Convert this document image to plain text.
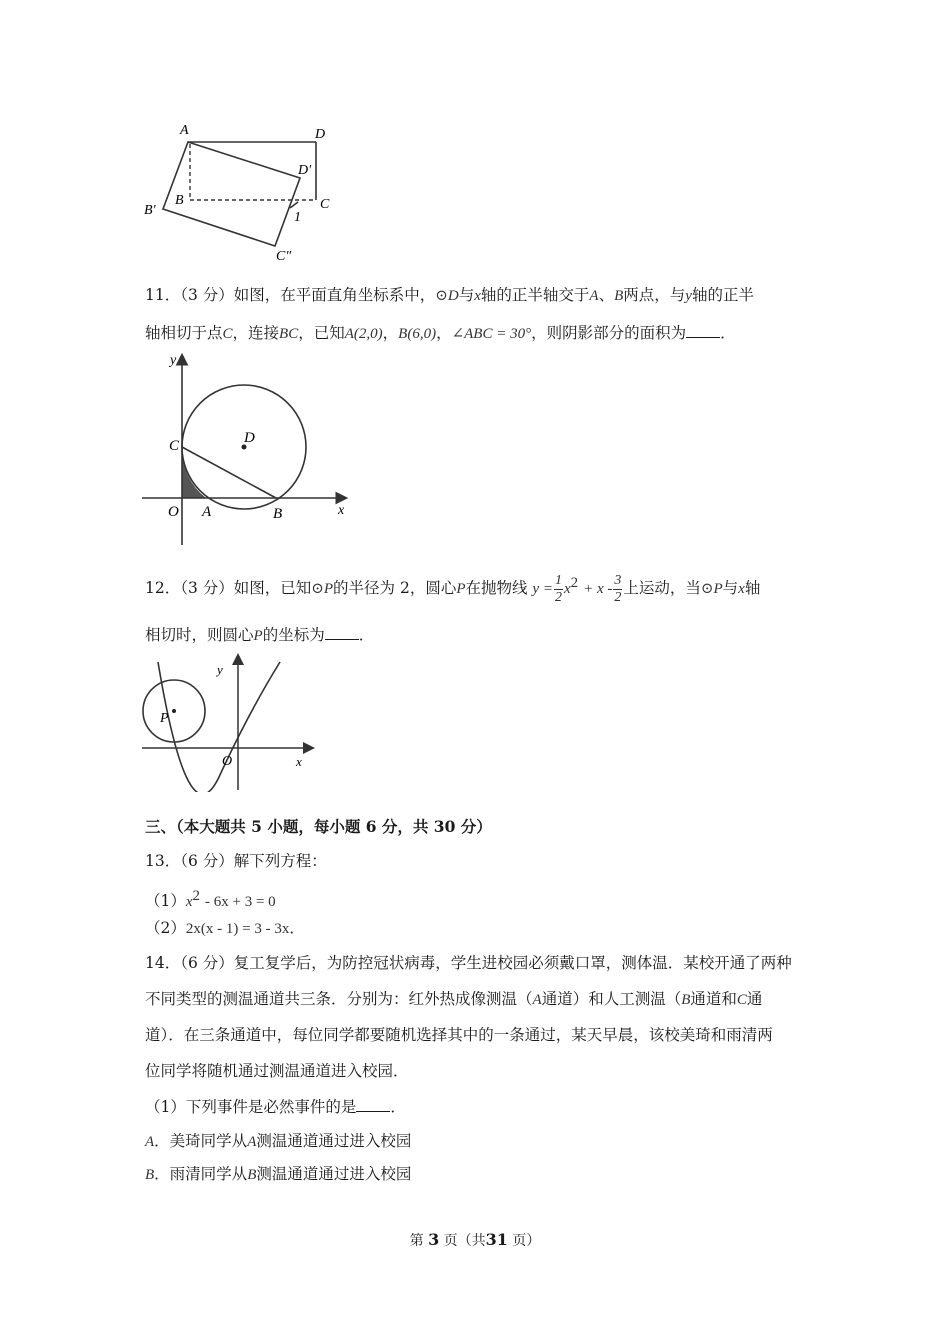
A	D
D′
B
B′	C
1
C″
11．（3 分）如图，在平面直角坐标系中，⊙D与x轴的正半轴交于A、B两点，与y轴的正半
轴相切于点C，连接BC，已知A(2,0)，B(6,0)，∠ABC = 30°，则阴影部分的面积为 ．
y
x
C	D
O A	B
12．（3 分）如图，已知⊙P的半径为 2，圆心P在抛物线 $y = \frac{1}{2} x^2 + x - \frac{3}{2}$ 上运动，当⊙P与x轴
相切时，则圆心P的坐标为 ．
y
x
P
O
三、（本大题共 5 小题，每小题 6 分，共 30 分）
13．（6 分）解下列方程：
$(1)x^2 - 6x + 3 = 0$
（2）2x(x - 1) = 3 - 3x．
14．（6 分）复工复学后，为防控冠状病毒，学生进校园必须戴口罩，测体温．某校开通了两种
不同类型的测温通道共三条．分别为：红外热成像测温（A通道）和人工测温（B通道和C通
道）．在三条通道中，每位同学都要随机选择其中的一条通过，某天早晨，该校美琦和雨清两
位同学将随机通过测温通道进入校园．
（1）下列事件是必然事件的是 ．
A．美琦同学从A测温通道通过进入校园
B．雨清同学从B测温通道通过进入校园
第 3 页（共31 页）
